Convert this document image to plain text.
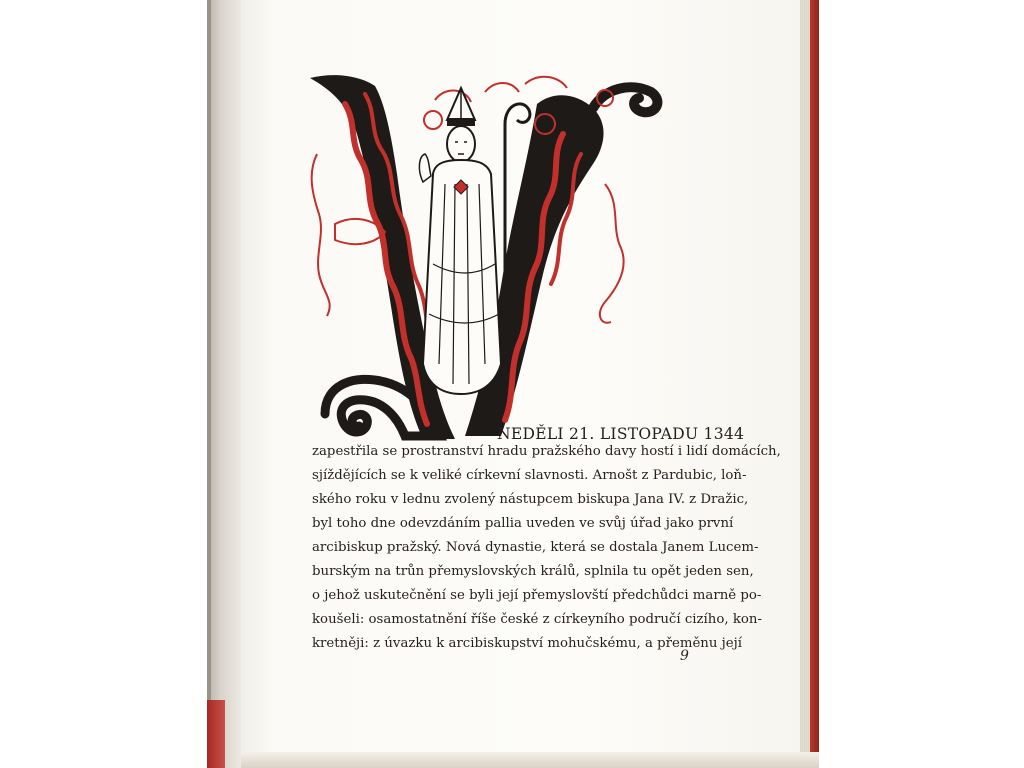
NEDĚLI 21. LISTOPADU 1344
zapestřila se prostranství hradu pražského davy hostí i lidí domácích,
sjíždějících se k veliké církevní slavnosti. Arnošt z Pardubic, loň-
ského roku v lednu zvolený nástupcem biskupa Jana IV. z Dražic,
byl toho dne odevzdáním pallia uveden ve svůj úřad jako první
arcibiskup pražský. Nová dynastie, která se dostala Janem Lucem-
burským na trůn přemyslovských králů, splnila tu opět jeden sen,
o jehož uskutečnění se byli její přemyslovští předchůdci marně po-
koušeli: osamostatnění říše české z církeyního područí cizího, kon-
kretněji: z úvazku k arcibiskupství mohučskému, a přeměnu její
9
